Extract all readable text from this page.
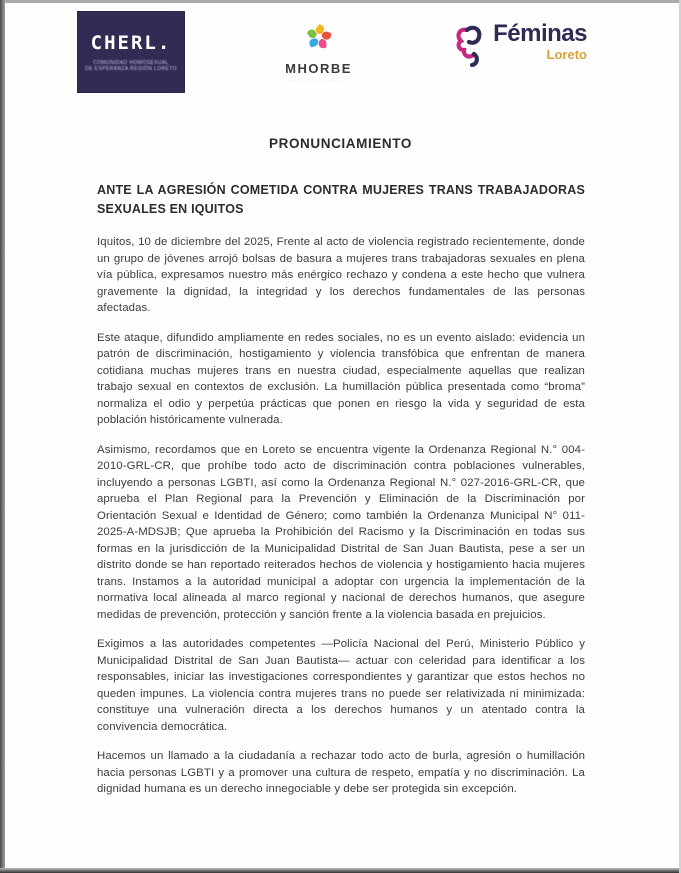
CHERL.
COMUNIDAD HOMOSEXUAL
DE ESPERANZA REGIÓN LORETO	MHORBE
∙∙∙∙∙∙∙∙∙∙∙ ∙∙ ∙∙∙∙∙∙∙∙∙
Féminas
Loreto
PRONUNCIAMIENTO
ANTE LA AGRESIÓN COMETIDA CONTRA MUJERES TRANS TRABAJADORAS SEXUALES EN IQUITOS

Iquitos, 10 de diciembre del 2025, Frente al acto de violencia registrado recientemente, donde un grupo de jóvenes arrojó bolsas de basura a mujeres trans trabajadoras sexuales en plena vía pública, expresamos nuestro más enérgico rechazo y condena a este hecho que vulnera gravemente la dignidad, la integridad y los derechos fundamentales de las personas afectadas.

Este ataque, difundido ampliamente en redes sociales, no es un evento aislado: evidencia un patrón de discriminación, hostigamiento y violencia transfóbica que enfrentan de manera cotidiana muchas mujeres trans en nuestra ciudad, especialmente aquellas que realizan trabajo sexual en contextos de exclusión. La humillación pública presentada como “broma” normaliza el odio y perpetúa prácticas que ponen en riesgo la vida y seguridad de esta población históricamente vulnerada.

Asimismo, recordamos que en Loreto se encuentra vigente la Ordenanza Regional N.° 004-2010-GRL-CR, que prohíbe todo acto de discriminación contra poblaciones vulnerables, incluyendo a personas LGBTI, así como la Ordenanza Regional N.° 027-2016-GRL-CR, que aprueba el Plan Regional para la Prevención y Eliminación de la Discriminación por Orientación Sexual e Identidad de Género; como también la Ordenanza Municipal N° 011-2025-A-MDSJB; Que aprueba la Prohibición del Racismo y la Discriminación en todas sus formas en la jurisdicción de la Municipalidad Distrital de San Juan Bautista, pese a ser un distrito donde se han reportado reiterados hechos de violencia y hostigamiento hacia mujeres trans. Instamos a la autoridad municipal a adoptar con urgencia la implementación de la normativa local alineada al marco regional y nacional de derechos humanos, que asegure medidas de prevención, protección y sanción frente a la violencia basada en prejuicios.

Exigimos a las autoridades competentes —Policía Nacional del Perú, Ministerio Público y Municipalidad Distrital de San Juan Bautista— actuar con celeridad para identificar a los responsables, iniciar las investigaciones correspondientes y garantizar que estos hechos no queden impunes. La violencia contra mujeres trans no puede ser relativizada ni minimizada: constituye una vulneración directa a los derechos humanos y un atentado contra la convivencia democrática.

Hacemos un llamado a la ciudadanía a rechazar todo acto de burla, agresión o humillación hacia personas LGBTI y a promover una cultura de respeto, empatía y no discriminación. La dignidad humana es un derecho innegociable y debe ser protegida sin excepción.
